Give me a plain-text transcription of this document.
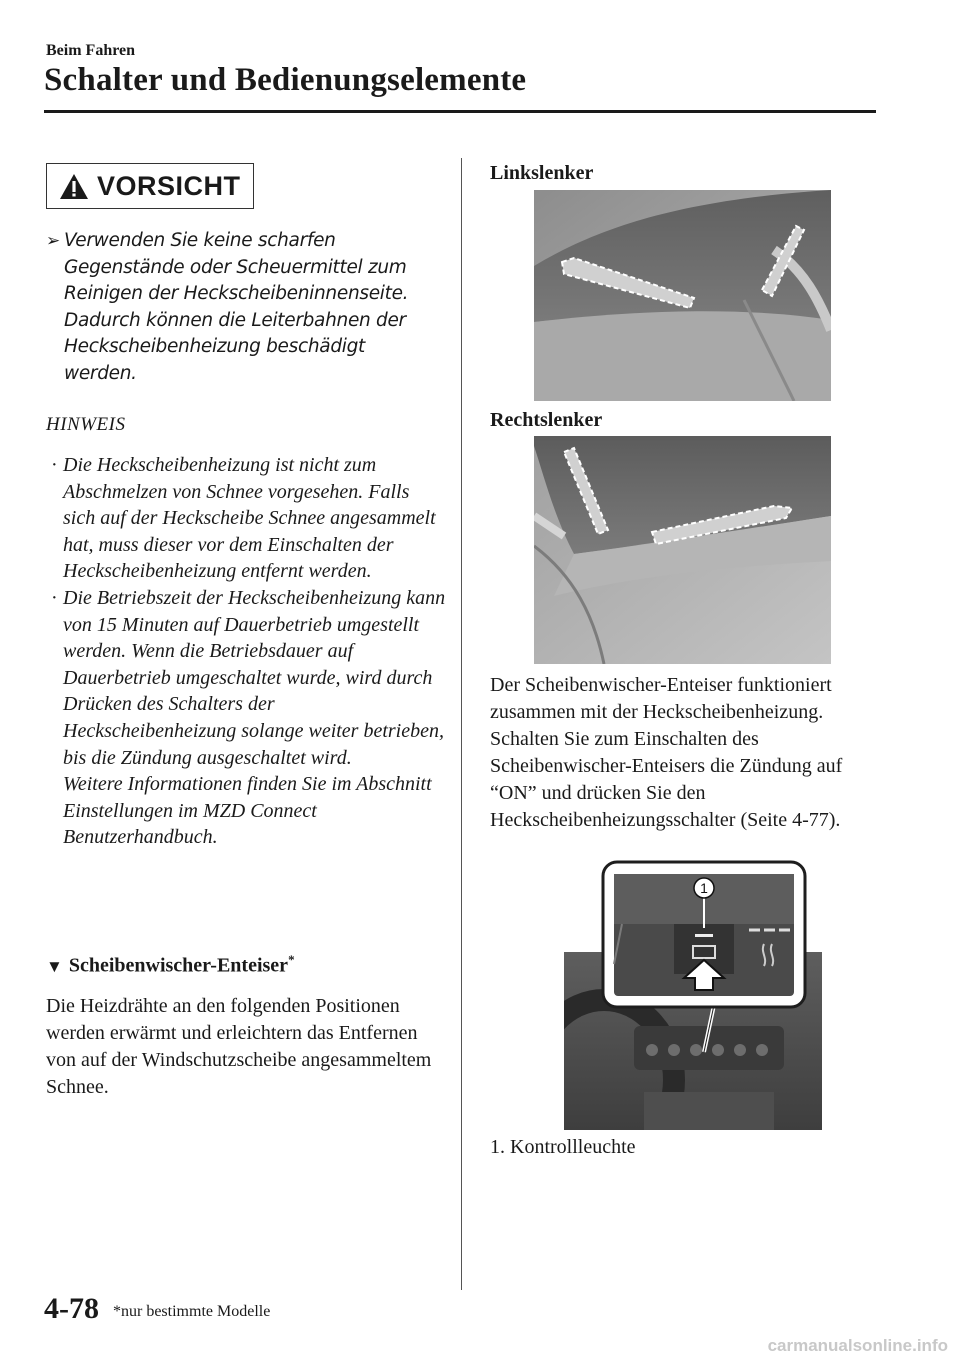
Beim Fahren
Schalter und Bedienungselemente
VORSICHT
➢ Verwenden Sie keine scharfen Gegenstände oder Scheuermittel zum Reinigen der Heckscheibeninnenseite. Dadurch können die Leiterbahnen der Heckscheibenheizung beschädigt werden.
HINWEIS
· Die Heckscheibenheizung ist nicht zum Abschmelzen von Schnee vorgesehen. Falls sich auf der Heckscheibe Schnee angesammelt hat, muss dieser vor dem Einschalten der Heckscheibenheizung entfernt werden.
· Die Betriebszeit der Heckscheibenheizung kann von 15 Minuten auf Dauerbetrieb umgestellt werden. Wenn die Betriebsdauer auf Dauerbetrieb umgeschaltet wurde, wird durch Drücken des Schalters der Heckscheibenheizung solange weiter betrieben, bis die Zündung ausgeschaltet wird.
Weitere Informationen finden Sie im Abschnitt Einstellungen im MZD Connect Benutzerhandbuch.
▼ Scheibenwischer-Enteiser*
Die Heizdrähte an den folgenden Positionen werden erwärmt und erleichtern das Entfernen von auf der Windschutzscheibe angesammeltem Schnee.
Linkslenker
Rechtslenker
Der Scheibenwischer-Enteiser funktioniert zusammen mit der Heckscheibenheizung. Schalten Sie zum Einschalten des Scheibenwischer-Enteisers die Zündung auf “ON” und drücken Sie den Heckscheibenheizungsschalter (Seite 4-77).
1
1. Kontrollleuchte
4-78 *nur bestimmte Modelle
carmanualsonline.info
